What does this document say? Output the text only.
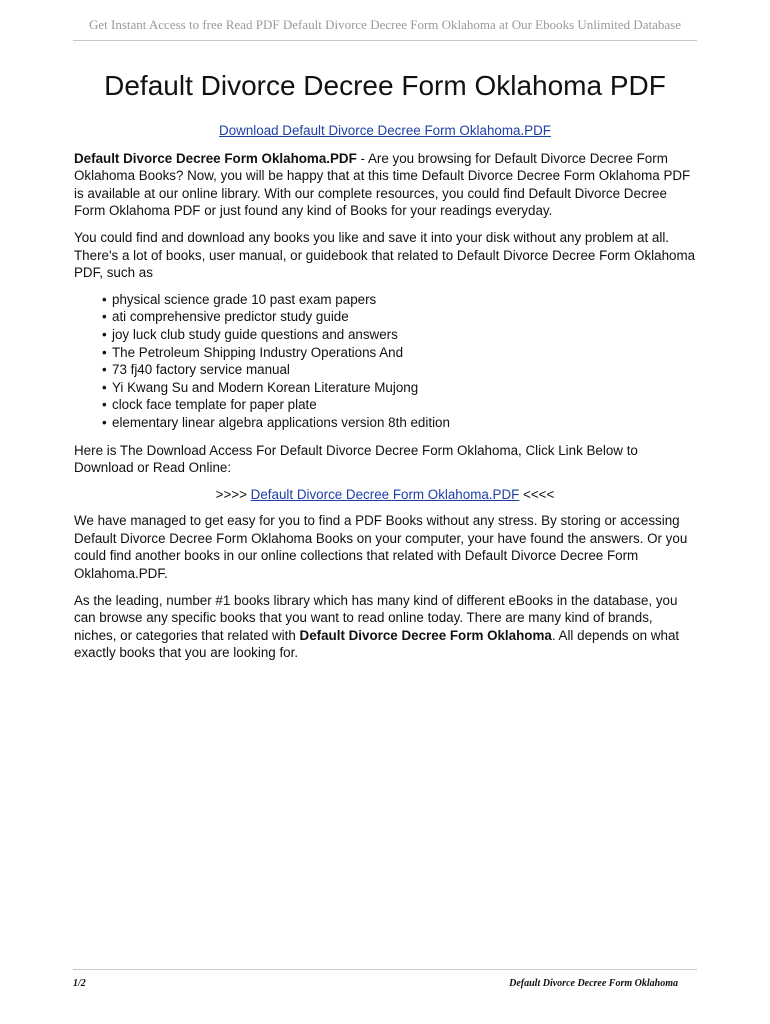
Get Instant Access to free Read PDF Default Divorce Decree Form Oklahoma at Our Ebooks Unlimited Database
Default Divorce Decree Form Oklahoma PDF

Download Default Divorce Decree Form Oklahoma.PDF

Default Divorce Decree Form Oklahoma.PDF - Are you browsing for Default Divorce Decree Form Oklahoma Books? Now, you will be happy that at this time Default Divorce Decree Form Oklahoma PDF is available at our online library. With our complete resources, you could find Default Divorce Decree Form Oklahoma PDF or just found any kind of Books for your readings everyday.

You could find and download any books you like and save it into your disk without any problem at all. There's a lot of books, user manual, or guidebook that related to Default Divorce Decree Form Oklahoma PDF, such as

• physical science grade 10 past exam papers
• ati comprehensive predictor study guide
• joy luck club study guide questions and answers
• The Petroleum Shipping Industry Operations And
• 73 fj40 factory service manual
• Yi Kwang Su and Modern Korean Literature Mujong
• clock face template for paper plate
• elementary linear algebra applications version 8th edition

Here is The Download Access For Default Divorce Decree Form Oklahoma, Click Link Below to Download or Read Online:

>>>> Default Divorce Decree Form Oklahoma.PDF <<<<

We have managed to get easy for you to find a PDF Books without any stress. By storing or accessing Default Divorce Decree Form Oklahoma Books on your computer, your have found the answers. Or you could find another books in our online collections that related with Default Divorce Decree Form Oklahoma.PDF.

As the leading, number #1 books library which has many kind of different eBooks in the database, you can browse any specific books that you want to read online today. There are many kind of brands, niches, or categories that related with Default Divorce Decree Form Oklahoma. All depends on what exactly books that you are looking for.

1/2	Default Divorce Decree Form Oklahoma
